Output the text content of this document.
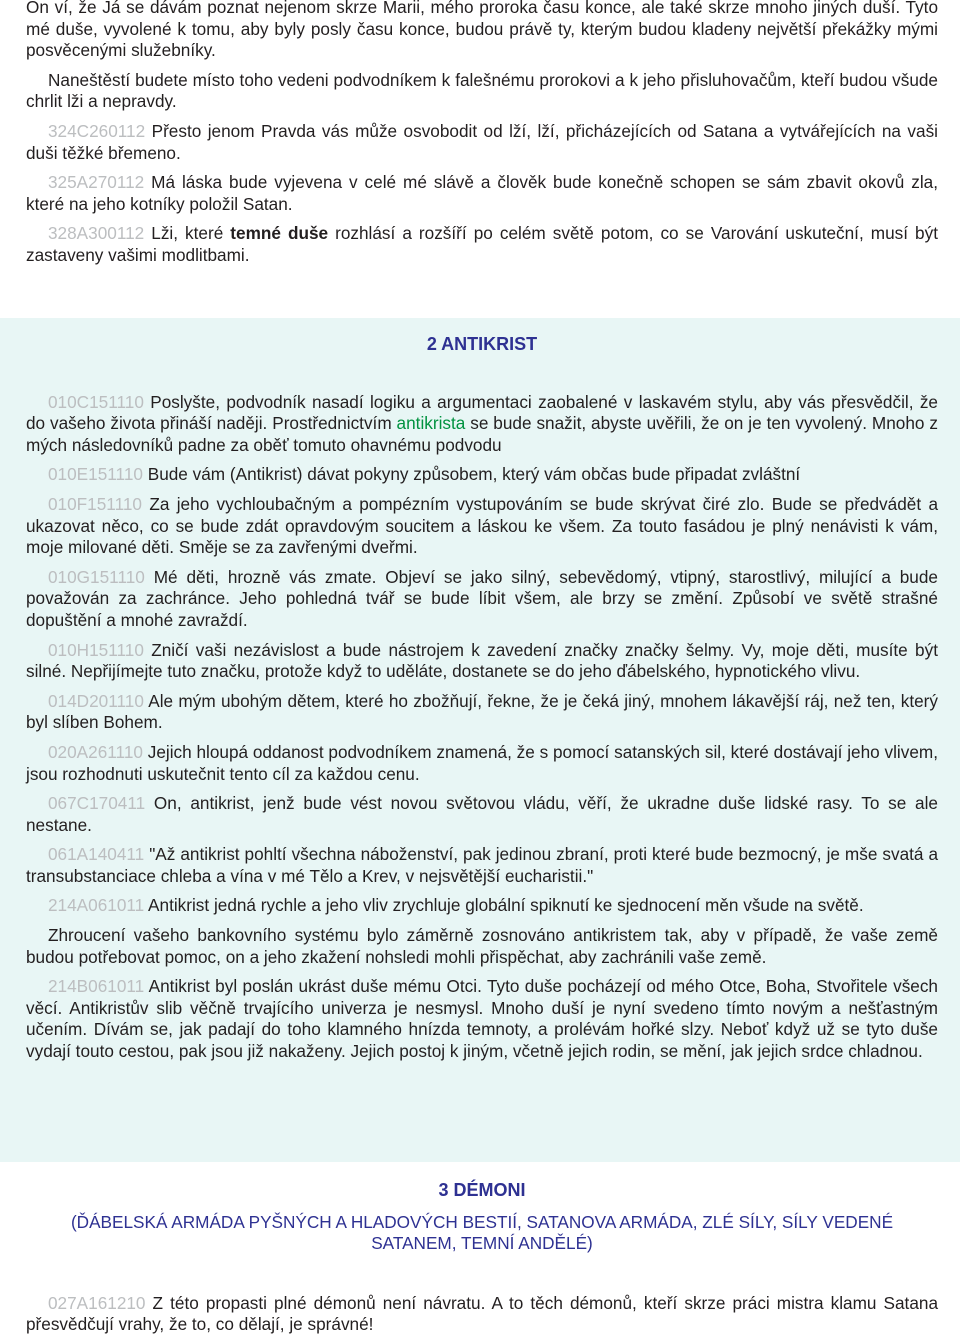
On ví, že Já se dávám poznat nejenom skrze Marii, mého proroka času konce, ale také skrze mnoho jiných duší. Tyto mé duše, vyvolené k tomu, aby byly posly času konce, budou právě ty, kterým budou kladeny největší překážky mými posvěcenými služebníky.

Naneštěstí budete místo toho vedeni podvodníkem k falešnému prorokovi a k jeho přisluhovačům, kteří budou všude chrlit lži a nepravdy.

324C260112 Přesto jenom Pravda vás může osvobodit od lží, lží, přicházejících od Satana a vytvářejících na vaši duši těžké břemeno.

325A270112 Má láska bude vyjevena v celé mé slávě a člověk bude konečně schopen se sám zbavit okovů zla, které na jeho kotníky položil Satan.

328A300112 Lži, které temné duše rozhlásí a rozšíří po celém světě potom, co se Varování uskuteční, musí být zastaveny vašimi modlitbami.

2 ANTIKRIST

010C151110 Poslyšte, podvodník nasadí logiku a argumentaci zaobalené v laskavém stylu, aby vás přesvědčil, že do vašeho života přináší naději. Prostřednictvím antikrista se bude snažit, abyste uvěřili, že on je ten vyvolený. Mnoho z mých následovníků padne za oběť tomuto ohavnému podvodu

010E151110 Bude vám (Antikrist) dávat pokyny způsobem, který vám občas bude připadat zvláštní

010F151110 Za jeho vychloubačným a pompézním vystupováním se bude skrývat čiré zlo. Bude se předvádět a ukazovat něco, co se bude zdát opravdovým soucitem a láskou ke všem. Za touto fasádou je plný nenávisti k vám, moje milované děti. Směje se za zavřenými dveřmi.

010G151110 Mé děti, hrozně vás zmate. Objeví se jako silný, sebevědomý, vtipný, starostlivý, milující a bude považován za zachránce. Jeho pohledná tvář se bude líbit všem, ale brzy se změní. Způsobí ve světě strašné dopuštění a mnohé zavraždí.

010H151110 Zničí vaši nezávislost a bude nástrojem k zavedení značky značky šelmy. Vy, moje děti, musíte být silné. Nepřijímejte tuto značku, protože když to uděláte, dostanete se do jeho ďábelského, hypnotického vlivu.

014D201110 Ale mým ubohým dětem, které ho zbožňují, řekne, že je čeká jiný, mnohem lákavější ráj, než ten, který byl slíben Bohem.

020A261110 Jejich hloupá oddanost podvodníkem znamená, že s pomocí satanských sil, které dostávají jeho vlivem, jsou rozhodnuti uskutečnit tento cíl za každou cenu.

067C170411 On, antikrist, jenž bude vést novou světovou vládu, věří, že ukradne duše lidské rasy. To se ale nestane.

061A140411 "Až antikrist pohltí všechna náboženství, pak jedinou zbraní, proti které bude bezmocný, je mše svatá a transubstanciace chleba a vína v mé Tělo a Krev, v nejsvětější eucharistii."

214A061011 Antikrist jedná rychle a jeho vliv zrychluje globální spiknutí ke sjednocení měn všude na světě.

Zhroucení vašeho bankovního systému bylo záměrně zosnováno antikristem tak, aby v případě, že vaše země budou potřebovat pomoc, on a jeho zkažení nohsledi mohli přispěchat, aby zachránili vaše země.

214B061011 Antikrist byl poslán ukrást duše mému Otci. Tyto duše pocházejí od mého Otce, Boha, Stvořitele všech věcí. Antikristův slib věčně trvajícího univerza je nesmysl. Mnoho duší je nyní svedeno tímto novým a nešťastným učením. Dívám se, jak padají do toho klamného hnízda temnoty, a prolévám hořké slzy. Neboť když už se tyto duše vydají touto cestou, pak jsou již nakaženy. Jejich postoj k jiným, včetně jejich rodin, se mění, jak jejich srdce chladnou.

3 DÉMONI

(ĎÁBELSKÁ ARMÁDA PYŠNÝCH A HLADOVÝCH BESTIÍ, SATANOVA ARMÁDA, ZLÉ SÍLY, SÍLY VEDENÉ SATANEM, TEMNÍ ANDĚLÉ)

027A161210 Z této propasti plné démonů není návratu. A to těch démonů, kteří skrze práci mistra klamu Satana přesvědčují vrahy, že to, co dělají, je správné!
